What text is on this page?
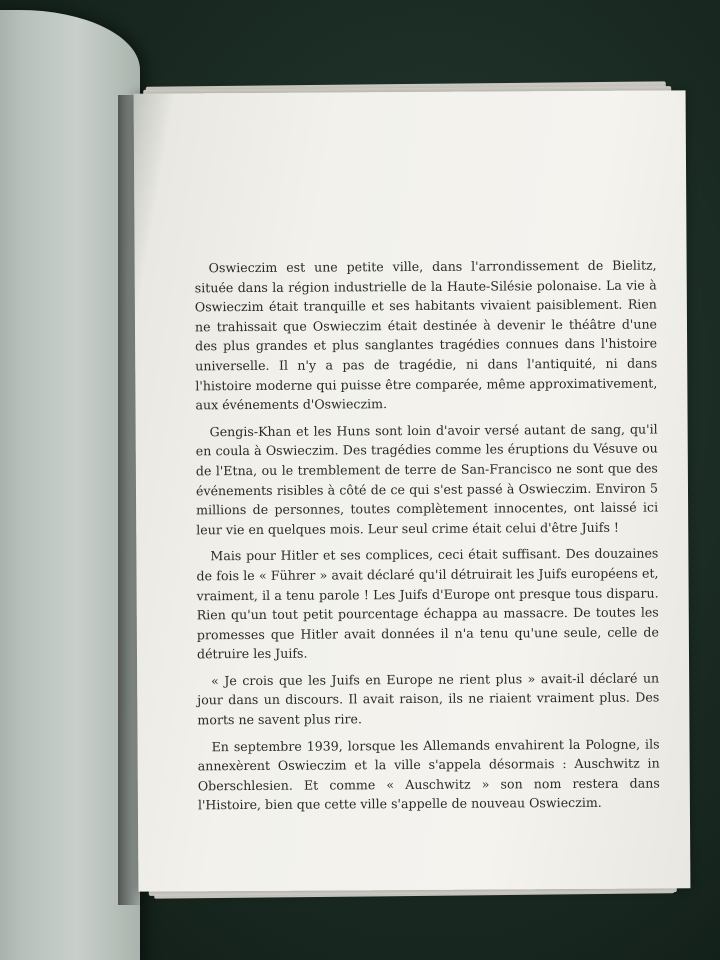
Oswieczim est une petite ville, dans l'arrondissement de Bielitz, située dans la région industrielle de la Haute-Silésie polonaise. La vie à Oswieczim était tranquille et ses habitants vivaient paisiblement. Rien ne trahissait que Oswieczim était destinée à devenir le théâtre d'une des plus grandes et plus sanglantes tragédies connues dans l'histoire universelle. Il n'y a pas de tragédie, ni dans l'antiquité, ni dans l'histoire moderne qui puisse être comparée, même approximativement, aux événements d'Oswieczim.

Gengis-Khan et les Huns sont loin d'avoir versé autant de sang, qu'il en coula à Oswieczim. Des tragédies comme les éruptions du Vésuve ou de l'Etna, ou le tremblement de terre de San-Francisco ne sont que des événements risibles à côté de ce qui s'est passé à Oswieczim. Environ 5 millions de personnes, toutes complètement innocentes, ont laissé ici leur vie en quelques mois. Leur seul crime était celui d'être Juifs !

Mais pour Hitler et ses complices, ceci était suffisant. Des douzaines de fois le « Führer » avait déclaré qu'il détruirait les Juifs européens et, vraiment, il a tenu parole ! Les Juifs d'Europe ont presque tous disparu. Rien qu'un tout petit pourcentage échappa au massacre. De toutes les promesses que Hitler avait données il n'a tenu qu'une seule, celle de détruire les Juifs.

« Je crois que les Juifs en Europe ne rient plus » avait-il déclaré un jour dans un discours. Il avait raison, ils ne riaient vraiment plus. Des morts ne savent plus rire.

En septembre 1939, lorsque les Allemands envahirent la Pologne, ils annexèrent Oswieczim et la ville s'appela désormais : Auschwitz in Oberschlesien. Et comme « Auschwitz » son nom restera dans l'Histoire, bien que cette ville s'appelle de nouveau Oswieczim.
